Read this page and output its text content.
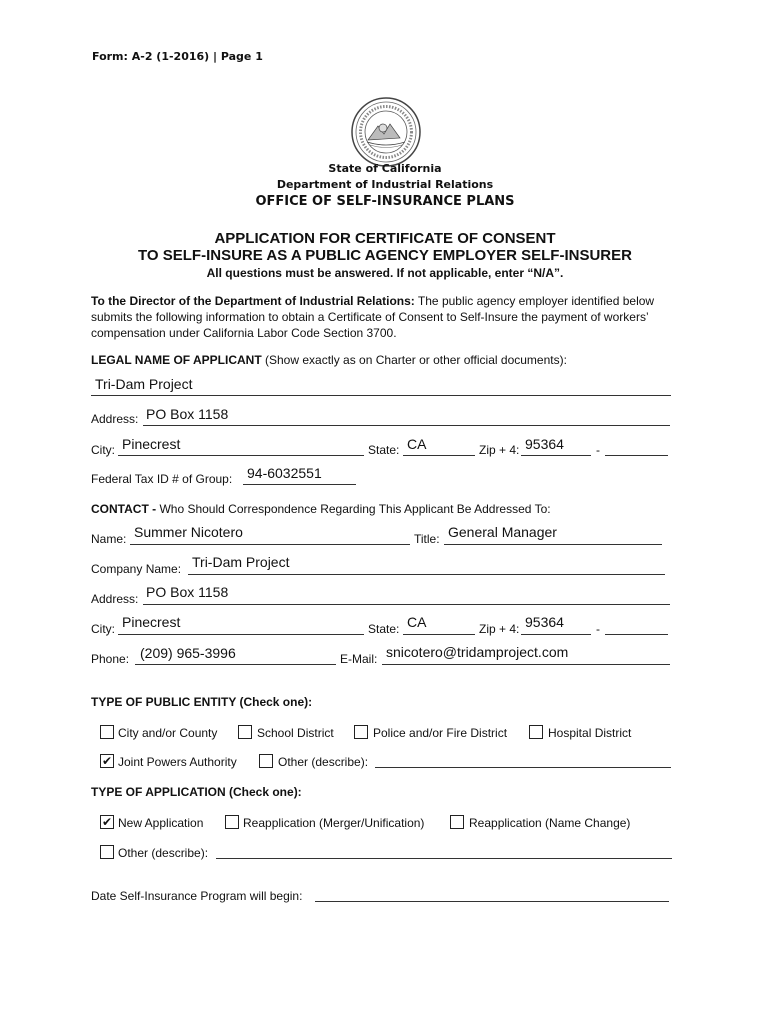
Form: A-2 (1-2016) | Page 1
State of California
Department of Industrial Relations
OFFICE OF SELF-INSURANCE PLANS
APPLICATION FOR CERTIFICATE OF CONSENT
TO SELF-INSURE AS A PUBLIC AGENCY EMPLOYER SELF-INSURER
All questions must be answered. If not applicable, enter “N/A”.
To the Director of the Department of Industrial Relations: The public agency employer identified below submits the following information to obtain a Certificate of Consent to Self-Insure the payment of workers’ compensation under California Labor Code Section 3700.
LEGAL NAME OF APPLICANT (Show exactly as on Charter or other official documents):
Tri-Dam Project
Address: PO Box 1158
City: Pinecrest	State: CA	Zip + 4: 95364	-
Federal Tax ID # of Group: 94-6032551
CONTACT - Who Should Correspondence Regarding This Applicant Be Addressed To:
Name: Summer Nicotero	Title: General Manager
Company Name: Tri-Dam Project
Address: PO Box 1158
City: Pinecrest	State: CA	Zip + 4: 95364	-
Phone: (209) 965-3996	E-Mail: snicotero@tridamproject.com
TYPE OF PUBLIC ENTITY (Check one):
City and/or County	School District	Police and/or Fire District	Hospital District
✔ Joint Powers Authority	Other (describe):
TYPE OF APPLICATION (Check one):
✔ New Application	Reapplication (Merger/Unification)	Reapplication (Name Change)
Other (describe):
Date Self-Insurance Program will begin:
